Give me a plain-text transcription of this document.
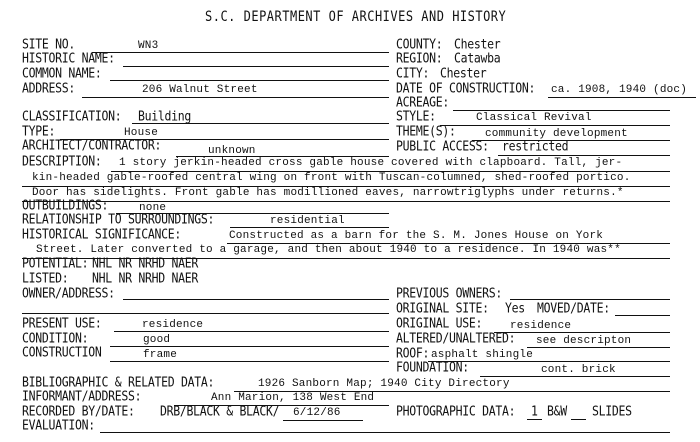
S.C. DEPARTMENT OF ARCHIVES AND HISTORY
SITE NO.	WN3
HISTORIC NAME:
COMMON NAME:
ADDRESS:	206 Walnut Street
CLASSIFICATION: Building
TYPE:	House
ARCHITECT/CONTRACTOR:	unknown
DESCRIPTION: 1 story jerkin-headed cross gable house covered with clapboard. Tall, jer-
kin-headed gable-roofed central wing on front with Tuscan-columned, shed-roofed portico.
Door has sidelights. Front gable has modillioned eaves, narrowtriglyphs under returns.*
OUTBUILDINGS:	none
RELATIONSHIP TO SURROUNDINGS:	residential
HISTORICAL SIGNIFICANCE:	Constructed as a barn for the S. M. Jones House on York
Street. Later converted to a garage, and then about 1940 to a residence. In 1940 was**
POTENTIAL: NHL NR NRHD NAER
LISTED: NHL NR NRHD NAER
OWNER/ADDRESS:
PRESENT USE:	residence
CONDITION:	good
CONSTRUCTION	frame
BIBLIOGRAPHIC & RELATED DATA:	1926 Sanborn Map; 1940 City Directory
INFORMANT/ADDRESS:	Ann Marion, 138 West End
RECORDED BY/DATE: DRB/BLACK & BLACK/ 6/12/86
EVALUATION:
COUNTY: Chester
REGION: Catawba
CITY: Chester
DATE OF CONSTRUCTION: ca. 1908, 1940 (doc)
ACREAGE:
STYLE:	Classical Revival
THEME(S):	community development
PUBLIC ACCESS: restricted
PREVIOUS OWNERS:
ORIGINAL SITE: Yes MOVED/DATE:
ORIGINAL USE:	residence
ALTERED/UNALTERED: see descripton
ROOF: asphalt shingle
FOUNDATION:	cont. brick
PHOTOGRAPHIC DATA: 1 B&W SLIDES
